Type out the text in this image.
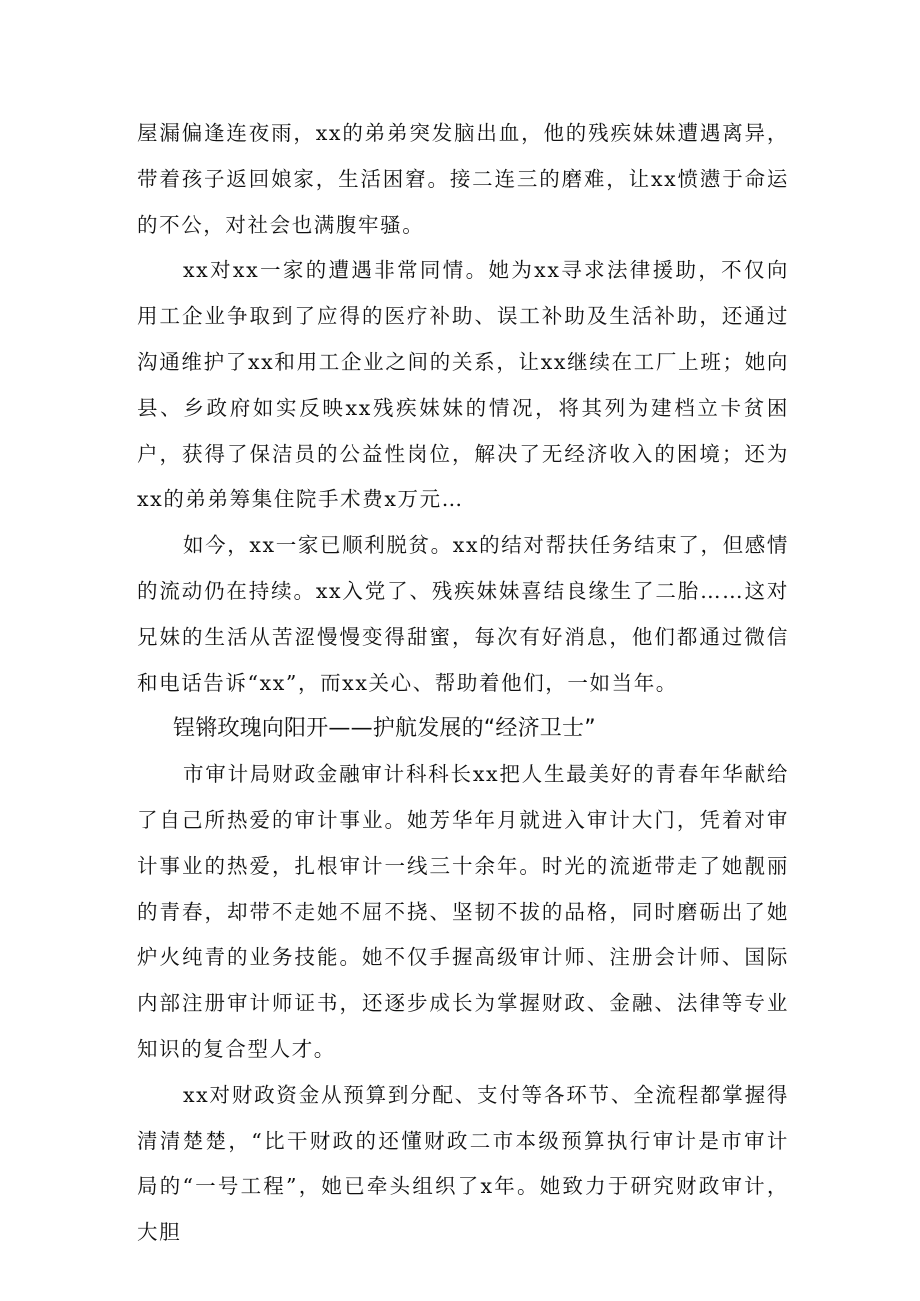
屋漏偏逢连夜雨，xx的弟弟突发脑出血，他的残疾妹妹遭遇离异，带着孩子返回娘家，生活困窘。接二连三的磨难，让xx愤懑于命运的不公，对社会也满腹牢骚。

xx对xx一家的遭遇非常同情。她为xx寻求法律援助，不仅向用工企业争取到了应得的医疗补助、误工补助及生活补助，还通过沟通维护了xx和用工企业之间的关系，让xx继续在工厂上班；她向县、乡政府如实反映xx残疾妹妹的情况，将其列为建档立卡贫困户，获得了保洁员的公益性岗位，解决了无经济收入的困境；还为xx的弟弟筹集住院手术费x万元…

如今，xx一家已顺利脱贫。xx的结对帮扶任务结束了，但感情的流动仍在持续。xx入党了、残疾妹妹喜结良缘生了二胎……这对兄妹的生活从苦涩慢慢变得甜蜜，每次有好消息，他们都通过微信和电话告诉“xx”，而xx关心、帮助着他们，一如当年。

锃锵玫瑰向阳开——护航发展的“经济卫士”

市审计局财政金融审计科科长xx把人生最美好的青春年华献给了自己所热爱的审计事业。她芳华年月就进入审计大门，凭着对审计事业的热爱，扎根审计一线三十余年。时光的流逝带走了她靓丽的青春，却带不走她不屈不挠、坚韧不拔的品格，同时磨砺出了她炉火纯青的业务技能。她不仅手握高级审计师、注册会计师、国际内部注册审计师证书，还逐步成长为掌握财政、金融、法律等专业知识的复合型人才。

xx对财政资金从预算到分配、支付等各环节、全流程都掌握得清清楚楚，“比干财政的还懂财政二市本级预算执行审计是市审计局的“一号工程”，她已牵头组织了x年。她致力于研究财政审计，大胆
